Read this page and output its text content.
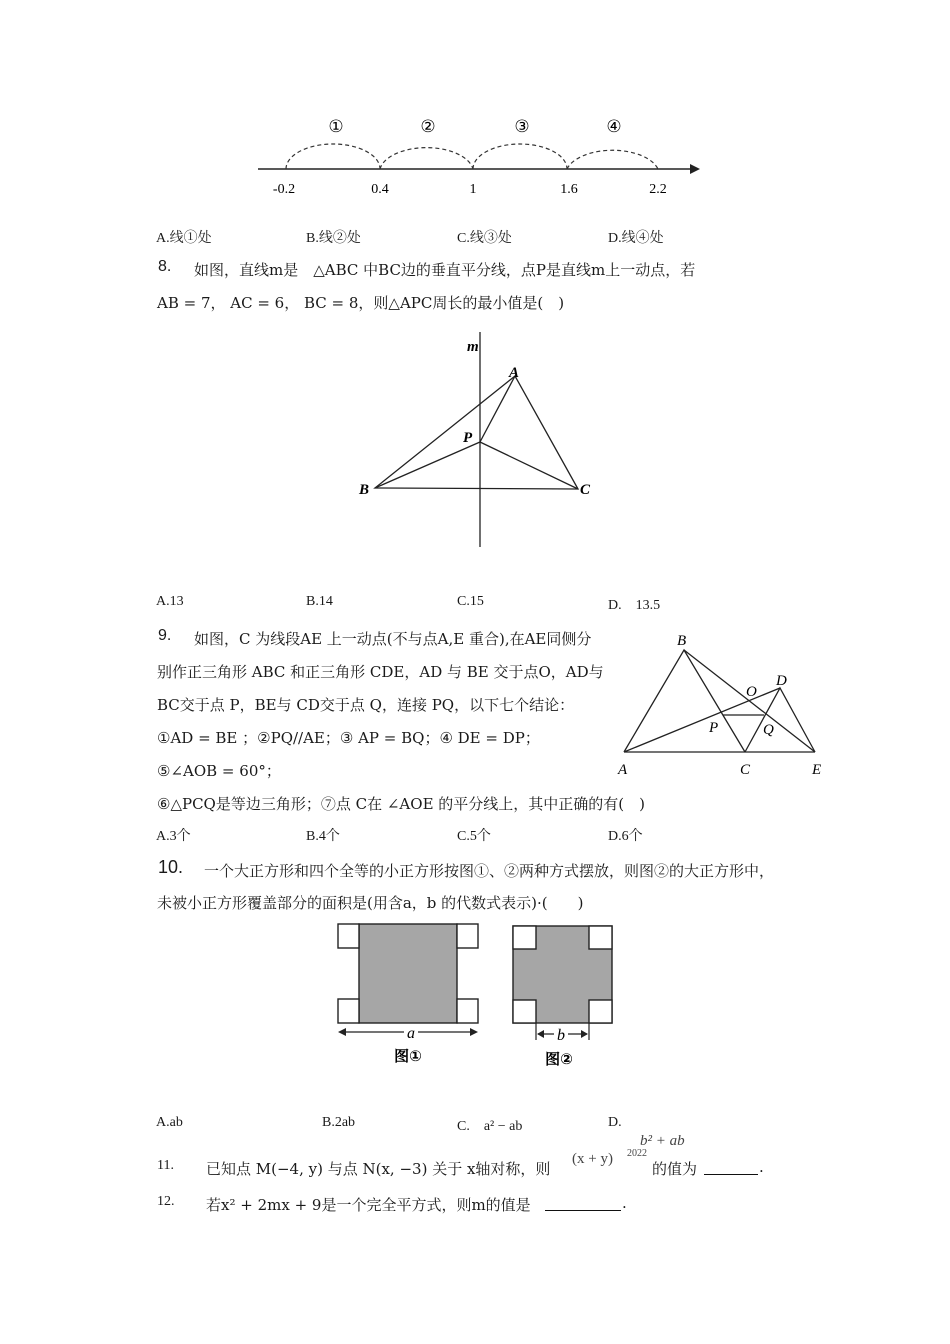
①	②	③	④
-0.2	0.4	1	1.6	2.2
A.线①处	B.线②处	C.线③处	D.线④处
8. 如图，直线m是　△ABC 中BC边的垂直平分线，点P是直线m上一动点，若
AB = 7， AC = 6， BC = 8，则△APC周长的最小值是(　)
m
A
P
B	C
A.13	B.14	C.15	D.　13.5
9. 如图，C 为线段AE 上一动点(不与点A,E 重合),在AE同侧分
别作正三角形 ABC 和正三角形 CDE，AD 与 BE 交于点O，AD与
BC交于点 P，BE与 CD交于点 Q，连接 PQ，以下七个结论：
①AD = BE ；②PQ//AE；③ AP = BQ；④ DE = DP；
⑤∠AOB = 60°；
⑥△PCQ是等边三角形；⑦点 C在 ∠AOE 的平分线上，其中正确的有(　)
B
D
O
P	Q
A	C	E
A.3个	B.4个	C.5个	D.6个
10. 一个大正方形和四个全等的小正方形按图①、②两种方式摆放，则图②的大正方形中，
未被小正方形覆盖部分的面积是(用含a，b 的代数式表示)·(　　)
a
图①
b
图②
A.ab	B.2ab	C.　a² − ab	D.
b² + ab
11. 已知点 M(−4, y) 与点 N(x, −3) 关于 x轴对称，则
(x + y) 2022
的值为	.
12. 若x² + 2mx + 9是一个完全平方式，则m的值是	.
